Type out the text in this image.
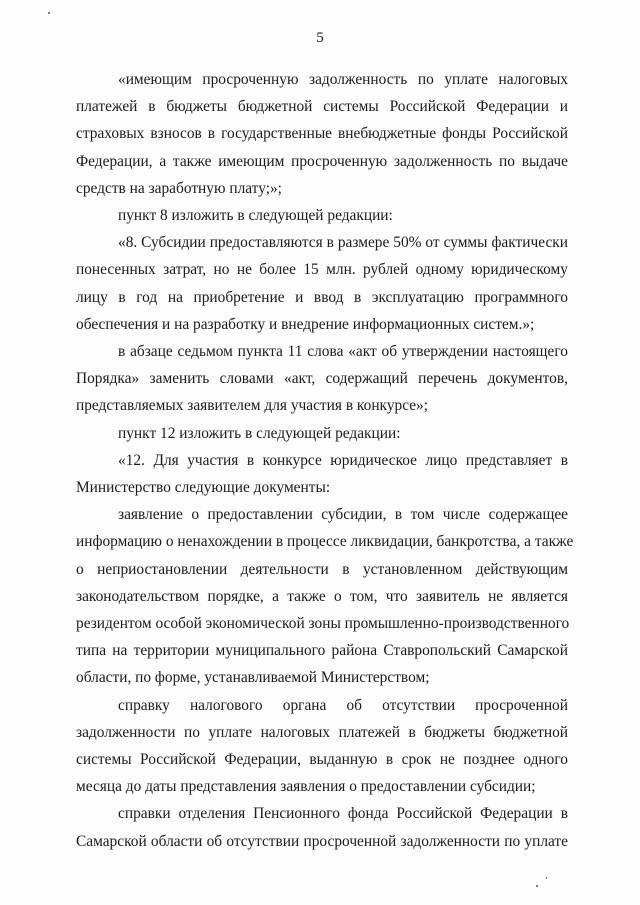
5
«имеющим просроченную задолженность по уплате налоговых
платежей в бюджеты бюджетной системы Российской Федерации и
страховых взносов в государственные внебюджетные фонды Российской
Федерации, а также имеющим просроченную задолженность по выдаче
средств на заработную плату;»;
пункт 8 изложить в следующей редакции:
«8. Субсидии предоставляются в размере 50% от суммы фактически
понесенных затрат, но не более 15 млн. рублей одному юридическому
лицу в год на приобретение и ввод в эксплуатацию программного
обеспечения и на разработку и внедрение информационных систем.»;
в абзаце седьмом пункта 11 слова «акт об утверждении настоящего
Порядка» заменить словами «акт, содержащий перечень документов,
представляемых заявителем для участия в конкурсе»;
пункт 12 изложить в следующей редакции:
«12. Для участия в конкурсе юридическое лицо представляет в
Министерство следующие документы:
заявление о предоставлении субсидии, в том числе содержащее
информацию о ненахождении в процессе ликвидации, банкротства, а также
о неприостановлении деятельности в установленном действующим
законодательством порядке, а также о том, что заявитель не является
резидентом особой экономической зоны промышленно-производственного
типа на территории муниципального района Ставропольский Самарской
области, по форме, устанавливаемой Министерством;
справку налогового органа об отсутствии просроченной
задолженности по уплате налоговых платежей в бюджеты бюджетной
системы Российской Федерации, выданную в срок не позднее одного
месяца до даты представления заявления о предоставлении субсидии;
справки отделения Пенсионного фонда Российской Федерации в
Самарской области об отсутствии просроченной задолженности по уплате
